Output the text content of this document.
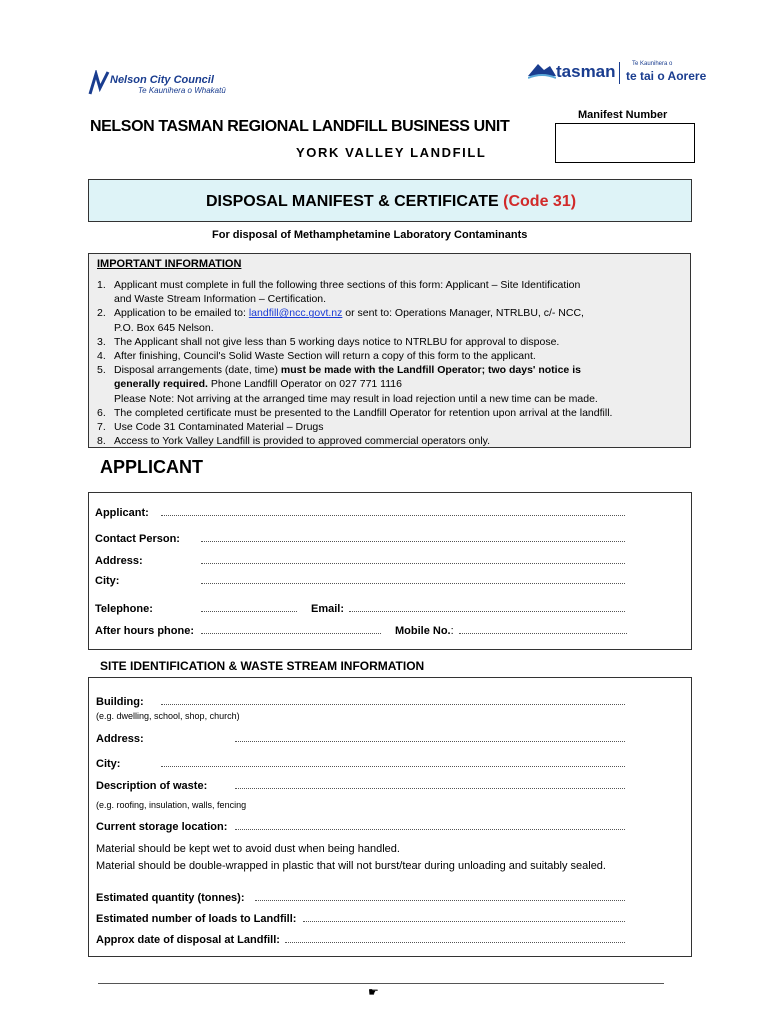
Nelson City Council
Te Kaunihera o Whakatū
tasman	Te Kaunihera o
te tai o Aorere
NELSON TASMAN REGIONAL LANDFILL BUSINESS UNIT
YORK VALLEY LANDFILL
Manifest Number
DISPOSAL MANIFEST & CERTIFICATE (Code 31)
For disposal of Methamphetamine Laboratory Contaminants
IMPORTANT INFORMATION
1. Applicant must complete in full the following three sections of this form: Applicant – Site Identification
and Waste Stream Information – Certification.
2. Application to be emailed to: landfill@ncc.govt.nz or sent to: Operations Manager, NTRLBU, c/- NCC,
P.O. Box 645 Nelson.
3. The Applicant shall not give less than 5 working days notice to NTRLBU for approval to dispose.
4. After finishing, Council's Solid Waste Section will return a copy of this form to the applicant.
5. Disposal arrangements (date, time) must be made with the Landfill Operator; two days' notice is
generally required. Phone Landfill Operator on 027 771 1116
Please Note: Not arriving at the arranged time may result in load rejection until a new time can be made.
6. The completed certificate must be presented to the Landfill Operator for retention upon arrival at the landfill.
7. Use Code 31 Contaminated Material – Drugs
8. Access to York Valley Landfill is provided to approved commercial operators only.
APPLICANT
Applicant:
Contact Person:
Address:
City:
Telephone:	Email:
After hours phone:	Mobile No.:
SITE IDENTIFICATION & WASTE STREAM INFORMATION
Building:
(e.g. dwelling, school, shop, church)
Address:
City:
Description of waste:
(e.g. roofing, insulation, walls, fencing
Current storage location:
Material should be kept wet to avoid dust when being handled.
Material should be double-wrapped in plastic that will not burst/tear during unloading and suitably sealed.
Estimated quantity (tonnes):
Estimated number of loads to Landfill:
Approx date of disposal at Landfill:
☛
